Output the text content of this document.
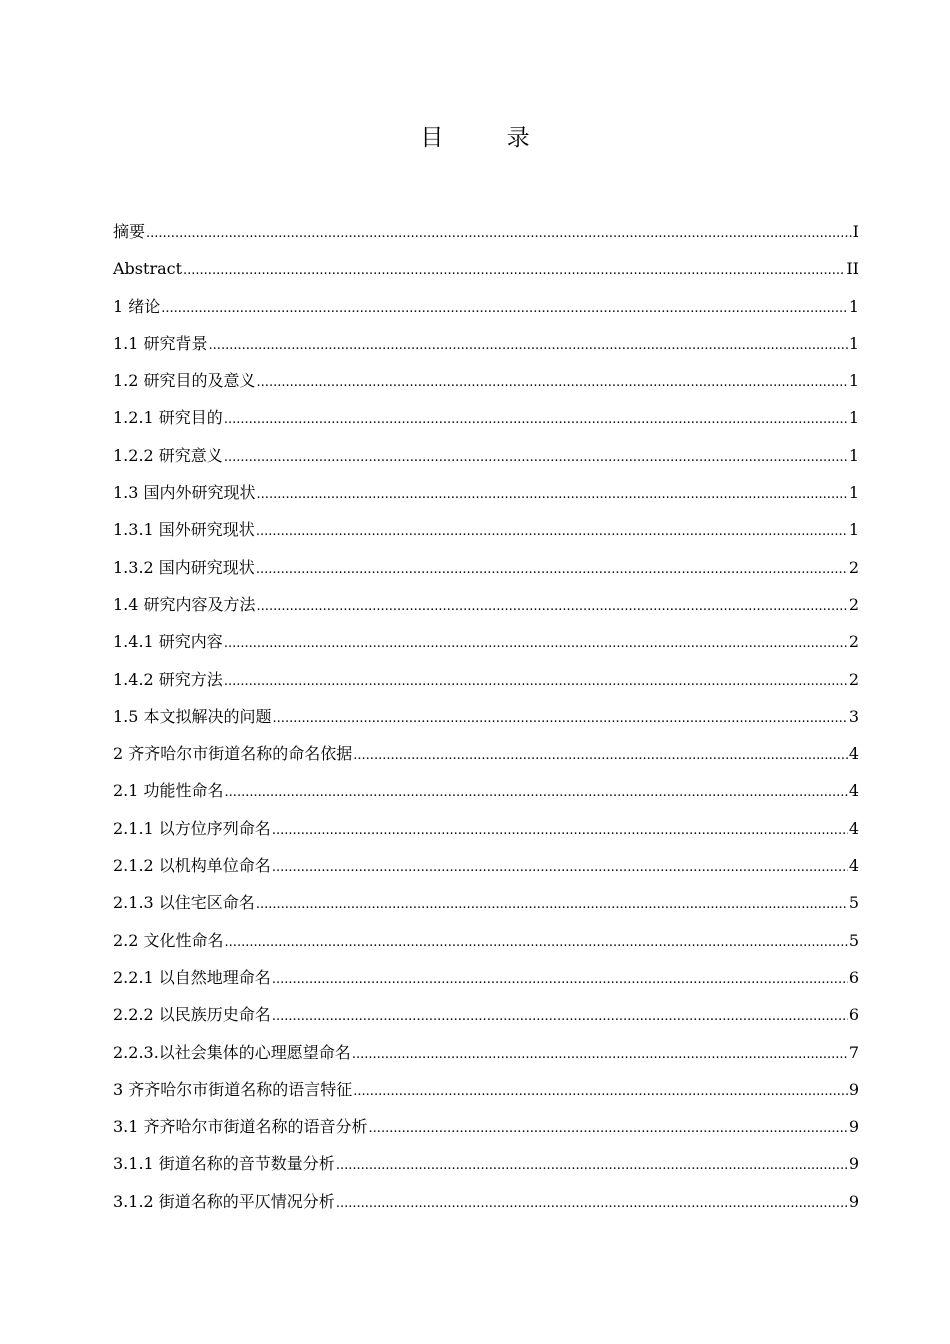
目 录
摘要 .....	I
Abstract .....	II
1 绪论 .....	1
1.1 研究背景 .....	1
1.2 研究目的及意义 .....	1
1.2.1 研究目的 .....	1
1.2.2 研究意义 .....	1
1.3 国内外研究现状 .....	1
1.3.1 国外研究现状 .....	1
1.3.2 国内研究现状 .....	2
1.4 研究内容及方法 .....	2
1.4.1 研究内容 .....	2
1.4.2 研究方法 .....	2
1.5 本文拟解决的问题 .....	3
2 齐齐哈尔市街道名称的命名依据 .....	4
2.1 功能性命名 .....	4
2.1.1 以方位序列命名 .....	4
2.1.2 以机构单位命名 .....	4
2.1.3 以住宅区命名 .....	5
2.2 文化性命名 .....	5
2.2.1 以自然地理命名 .....	6
2.2.2 以民族历史命名 .....	6
2.2.3.以社会集体的心理愿望命名 .....	7
3 齐齐哈尔市街道名称的语言特征 .....	9
3.1 齐齐哈尔市街道名称的语音分析 .....	9
3.1.1 街道名称的音节数量分析 .....	9
3.1.2 街道名称的平仄情况分析 .....	9
